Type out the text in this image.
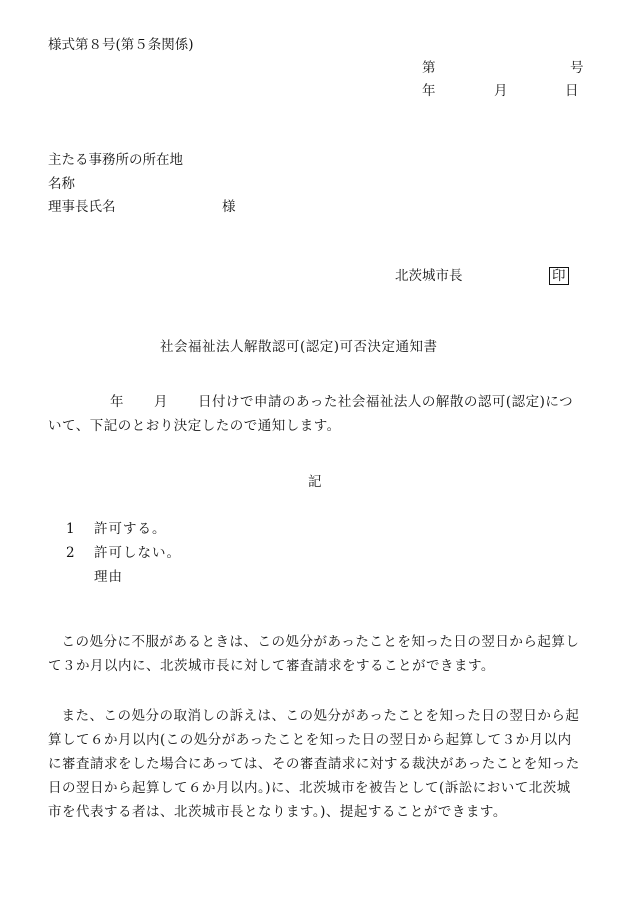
様式第８号(第５条関係)
第	号
年	月	日
主たる事務所の所在地
名称
理事長氏名	様
北茨城市長	印
社会福祉法人解散認可(認定)可否決定通知書
年 月 日付けで申請のあった社会福祉法人の解散の認可(認定)について、下記のとおり決定したので通知します。
記
1 許可する。
2 許可しない。
理由
この処分に不服があるときは、この処分があったことを知った日の翌日から起算して３か月以内に、北茨城市長に対して審査請求をすることができます。
また、この処分の取消しの訴えは、この処分があったことを知った日の翌日から起算して６か月以内(この処分があったことを知った日の翌日から起算して３か月以内に審査請求をした場合にあっては、その審査請求に対する裁決があったことを知った日の翌日から起算して６か月以内。)に、北茨城市を被告として(訴訟において北茨城市を代表する者は、北茨城市長となります。)、提起することができます。
